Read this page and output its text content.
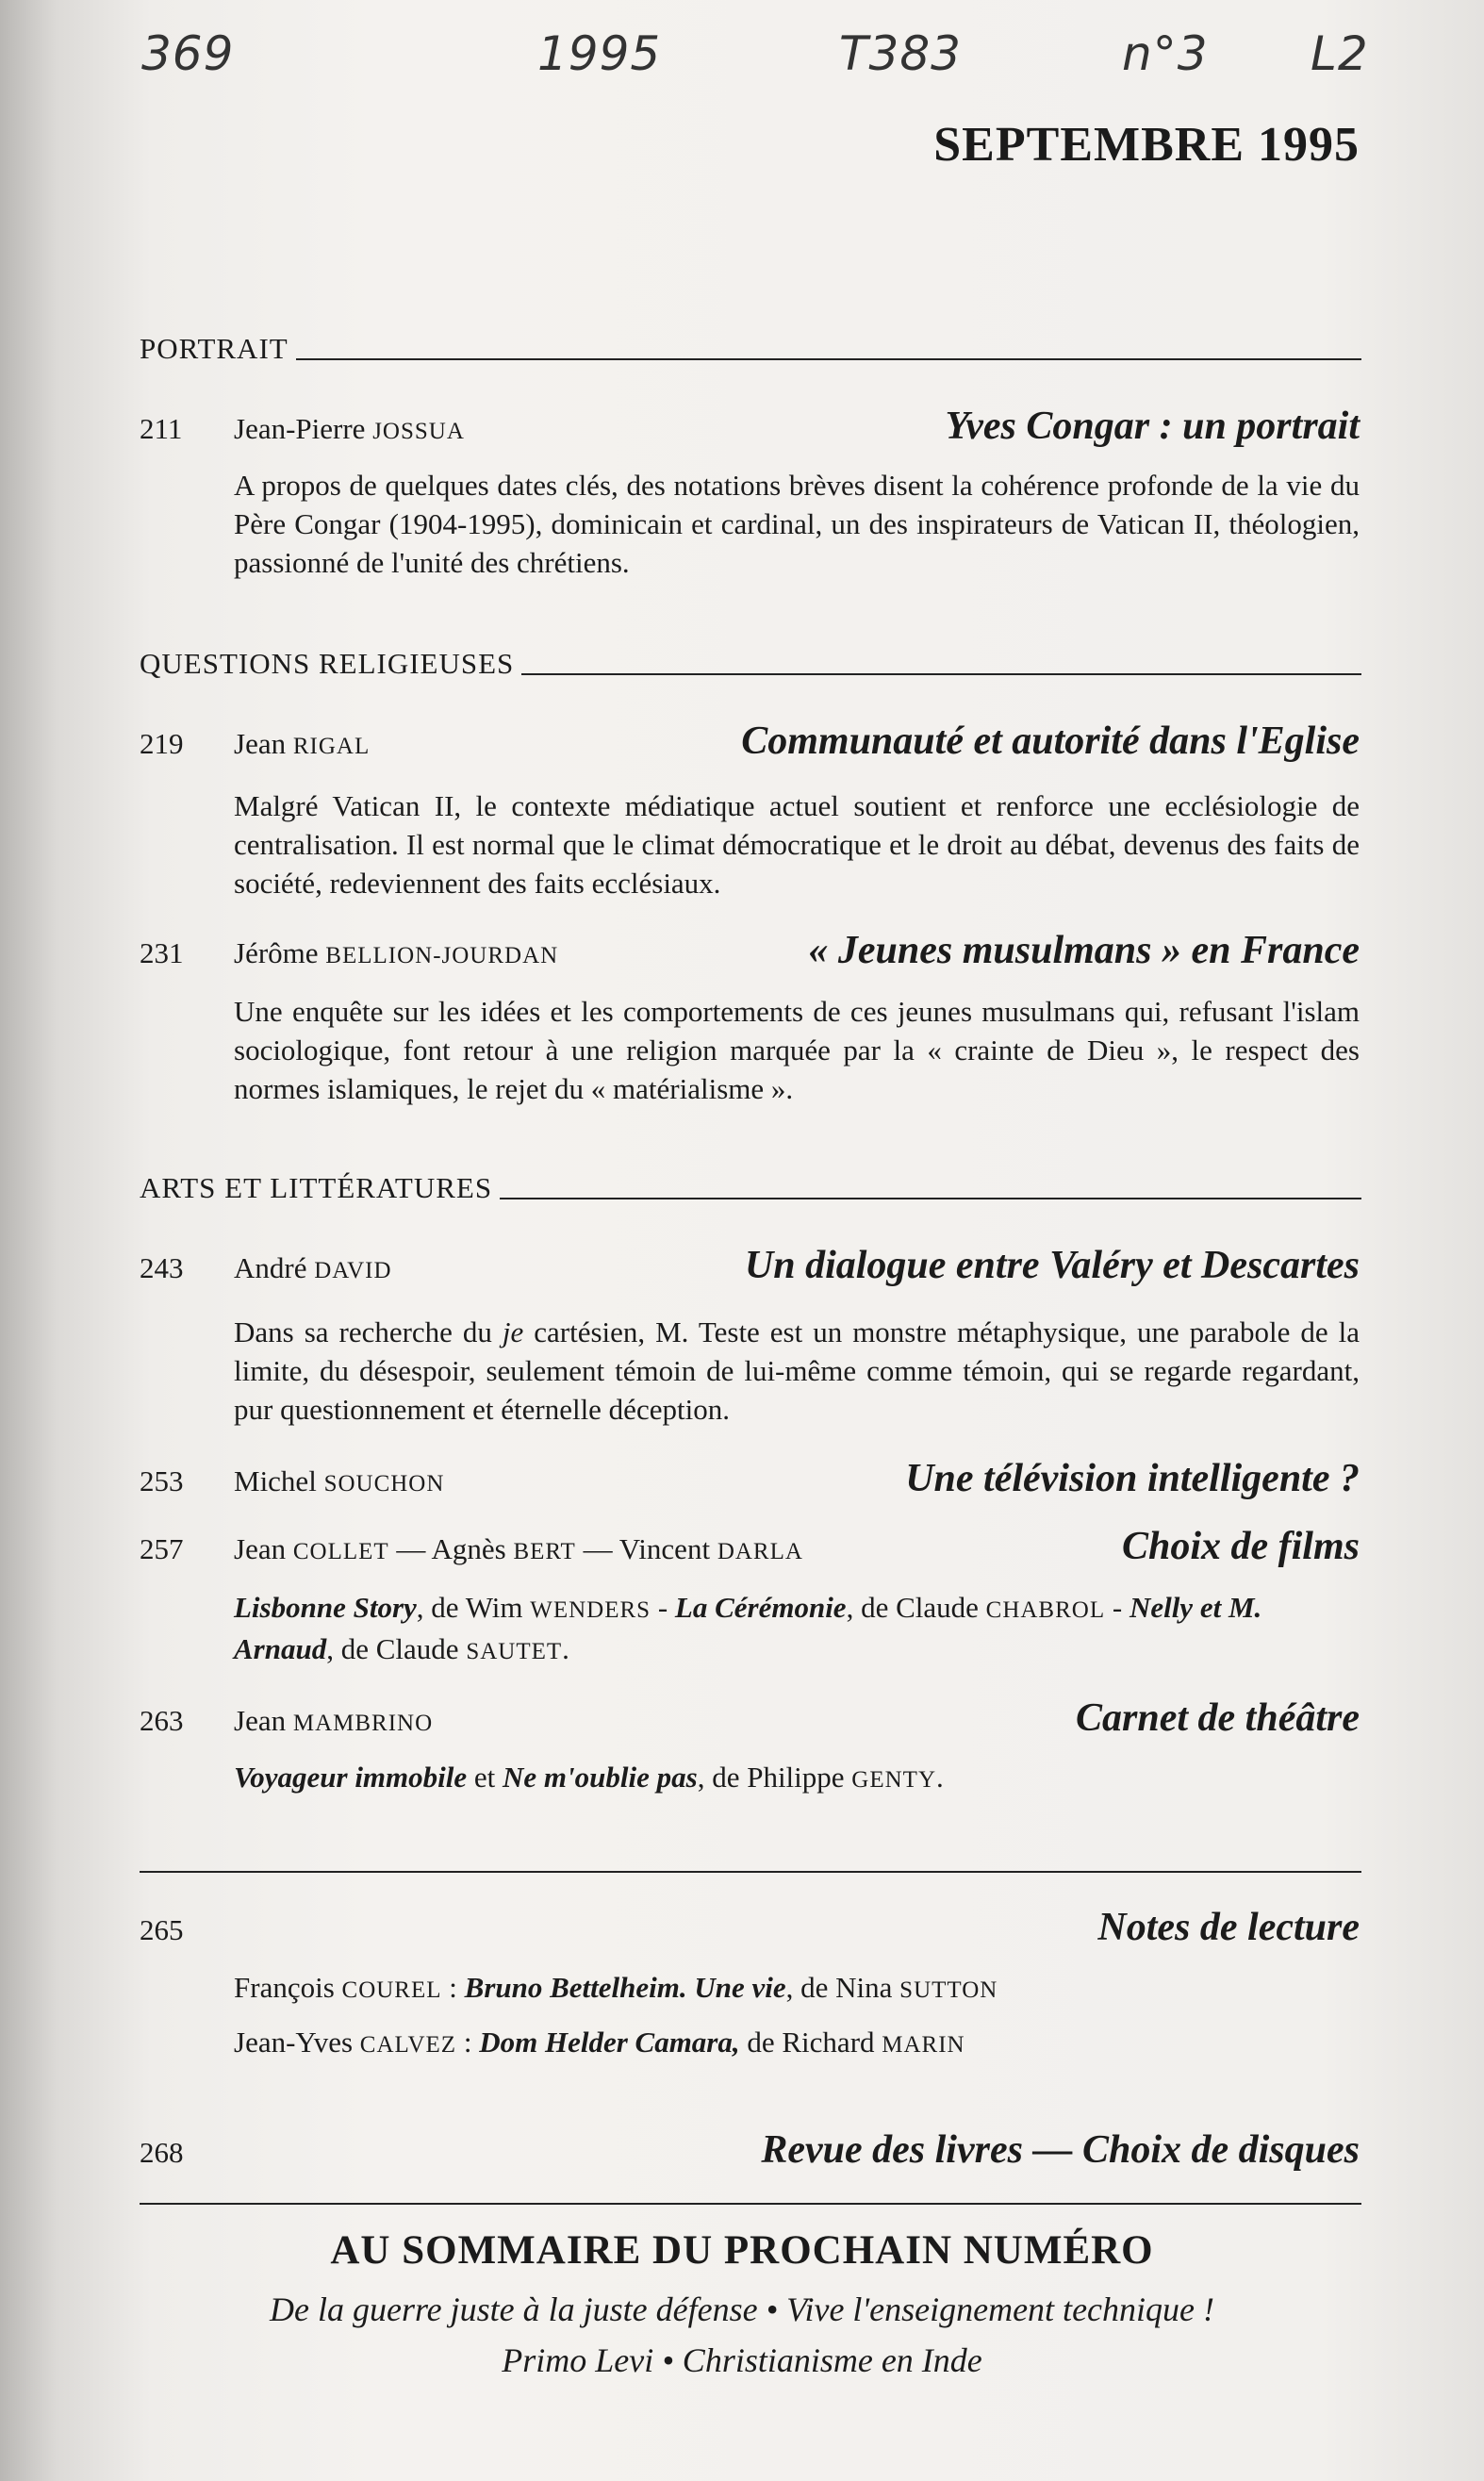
369	1995	T383	n°3 L2
SEPTEMBRE 1995
PORTRAIT
211	Jean-Pierre JOSSUA	Yves Congar : un portrait
A propos de quelques dates clés, des notations brèves disent la cohérence profonde de la vie du Père Congar (1904-1995), dominicain et cardinal, un des inspirateurs de Vatican II, théologien, passionné de l'unité des chrétiens.
QUESTIONS RELIGIEUSES
219	Jean RIGAL	Communauté et autorité dans l'Eglise
Malgré Vatican II, le contexte médiatique actuel soutient et renforce une ecclésiologie de centralisation. Il est normal que le climat démocratique et le droit au débat, devenus des faits de société, redeviennent des faits ecclésiaux.
231	Jérôme BELLION-JOURDAN	« Jeunes musulmans » en France
Une enquête sur les idées et les comportements de ces jeunes musulmans qui, refusant l'islam sociologique, font retour à une religion marquée par la « crainte de Dieu », le respect des normes islamiques, le rejet du « matérialisme ».
ARTS ET LITTÉRATURES
243	André DAVID	Un dialogue entre Valéry et Descartes
Dans sa recherche du je cartésien, M. Teste est un monstre métaphysique, une parabole de la limite, du désespoir, seulement témoin de lui-même comme témoin, qui se regarde regardant, pur questionnement et éternelle déception.
253	Michel SOUCHON	Une télévision intelligente ?
257	Jean COLLET — Agnès BERT — Vincent DARLA	Choix de films
Lisbonne Story, de Wim WENDERS - La Cérémonie, de Claude CHABROL - Nelly et M. Arnaud, de Claude SAUTET.
263	Jean MAMBRINO	Carnet de théâtre
Voyageur immobile et Ne m'oublie pas, de Philippe GENTY.
265	Notes de lecture
François COUREL : Bruno Bettelheim. Une vie, de Nina SUTTON
Jean-Yves CALVEZ : Dom Helder Camara, de Richard MARIN
268	Revue des livres — Choix de disques
AU SOMMAIRE DU PROCHAIN NUMÉRO
De la guerre juste à la juste défense • Vive l'enseignement technique !
Primo Levi • Christianisme en Inde
